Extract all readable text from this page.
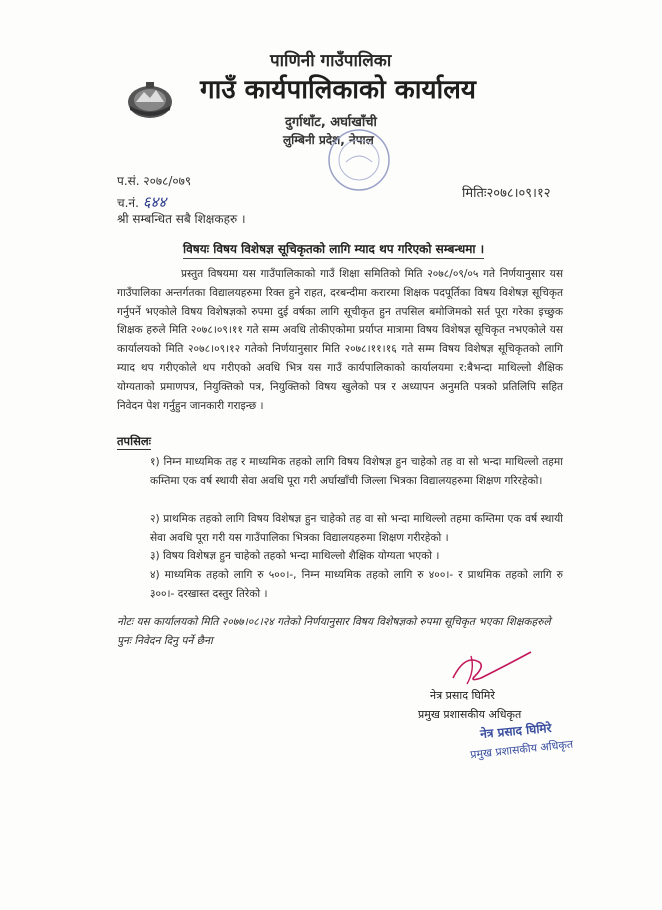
पाणिनी गाउँपालिका
गाउँ कार्यपालिकाको कार्यालय
दुर्गाथाँट, अर्घाखाँची
लुम्बिनी प्रदेश, नेपाल
प.सं. २०७८/०७९
च.नं. ६४४	मितिः२०७८।०९।१२
श्री सम्बन्धित सबै शिक्षकहरु ।
विषयः विषय विशेषज्ञ सूचिकृतको लागि म्याद थप गरिएको सम्बन्धमा ।
प्रस्तुत विषयमा यस गाउँपालिकाको गाउँ शिक्षा समितिको मिति २०७८/०९/०५ गते निर्णयानुसार यस गाउँपालिका अन्तर्गतका विद्यालयहरुमा रिक्त हुने राहत, दरबन्दीमा करारमा शिक्षक पदपूर्तिका विषय विशेषज्ञ सूचिकृत गर्नुपर्ने भएकोले विषय विशेषज्ञको रुपमा दुई वर्षका लागि सूचीकृत हुन तपसिल बमोजिमको सर्त पूरा गरेका इच्छुक शिक्षक हरुले मिति २०७८।०९।११ गते सम्म अवधि तोकीएकोमा प्रर्याप्त मात्रामा विषय विशेषज्ञ सूचिकृत नभएकोले यस कार्यालयको मिति २०७८।०९।१२ गतेको निर्णयानुसार मिति २०७८।११।१६ गते सम्म विषय विशेषज्ञ सूचिकृतको लागि म्याद थप गरीएकोले थप गरीएको अवधि भित्र यस गाउँ कार्यपालिकाको कार्यालयमा र:बैभन्दा माथिल्लो शैक्षिक योग्यताको प्रमाणपत्र, नियुक्तिको पत्र, नियुक्तिको विषय खुलेको पत्र र अध्यापन अनुमति पत्रको प्रतिलिपि सहित निवेदन पेश गर्नुहुन जानकारी गराइन्छ ।
तपसिलः
१) निम्न माध्यमिक तह र माध्यमिक तहको लागि विषय विशेषज्ञ हुन चाहेको तह वा सो भन्दा माथिल्लो तहमा कम्तिमा एक वर्ष स्थायी सेवा अवधि पूरा गरी अर्घाखाँची जिल्ला भित्रका विद्यालयहरुमा शिक्षण गरिरहेको।
२) प्राथमिक तहको लागि विषय विशेषज्ञ हुन चाहेको तह वा सो भन्दा माथिल्लो तहमा कम्तिमा एक वर्ष स्थायी सेवा अवधि पूरा गरी यस गाउँपालिका भित्रका विद्यालयहरुमा शिक्षण गरीरहेको ।
३) विषय विशेषज्ञ हुन चाहेको तहको भन्दा माथिल्लो शैक्षिक योग्यता भएको ।
४) माध्यमिक तहको लागि रु ५००।-, निम्न माध्यमिक तहको लागि रु ४००।- र प्राथमिक तहको लागि रु ३००।- दरखास्त दस्तुर तिरेको ।
नोटः यस कार्यालयको मिति २०७७।०८।२४ गतेको निर्णयानुसार विषय विशेषज्ञको रुपमा सूचिकृत भएका शिक्षकहरुले पुनः निवेदन दिनु पर्ने छैना
नेत्र प्रसाद घिमिरे
प्रमुख प्रशासकीय अधिकृत
नेत्र प्रसाद घिमिरे
प्रमुख प्रशासकीय अधिकृत
